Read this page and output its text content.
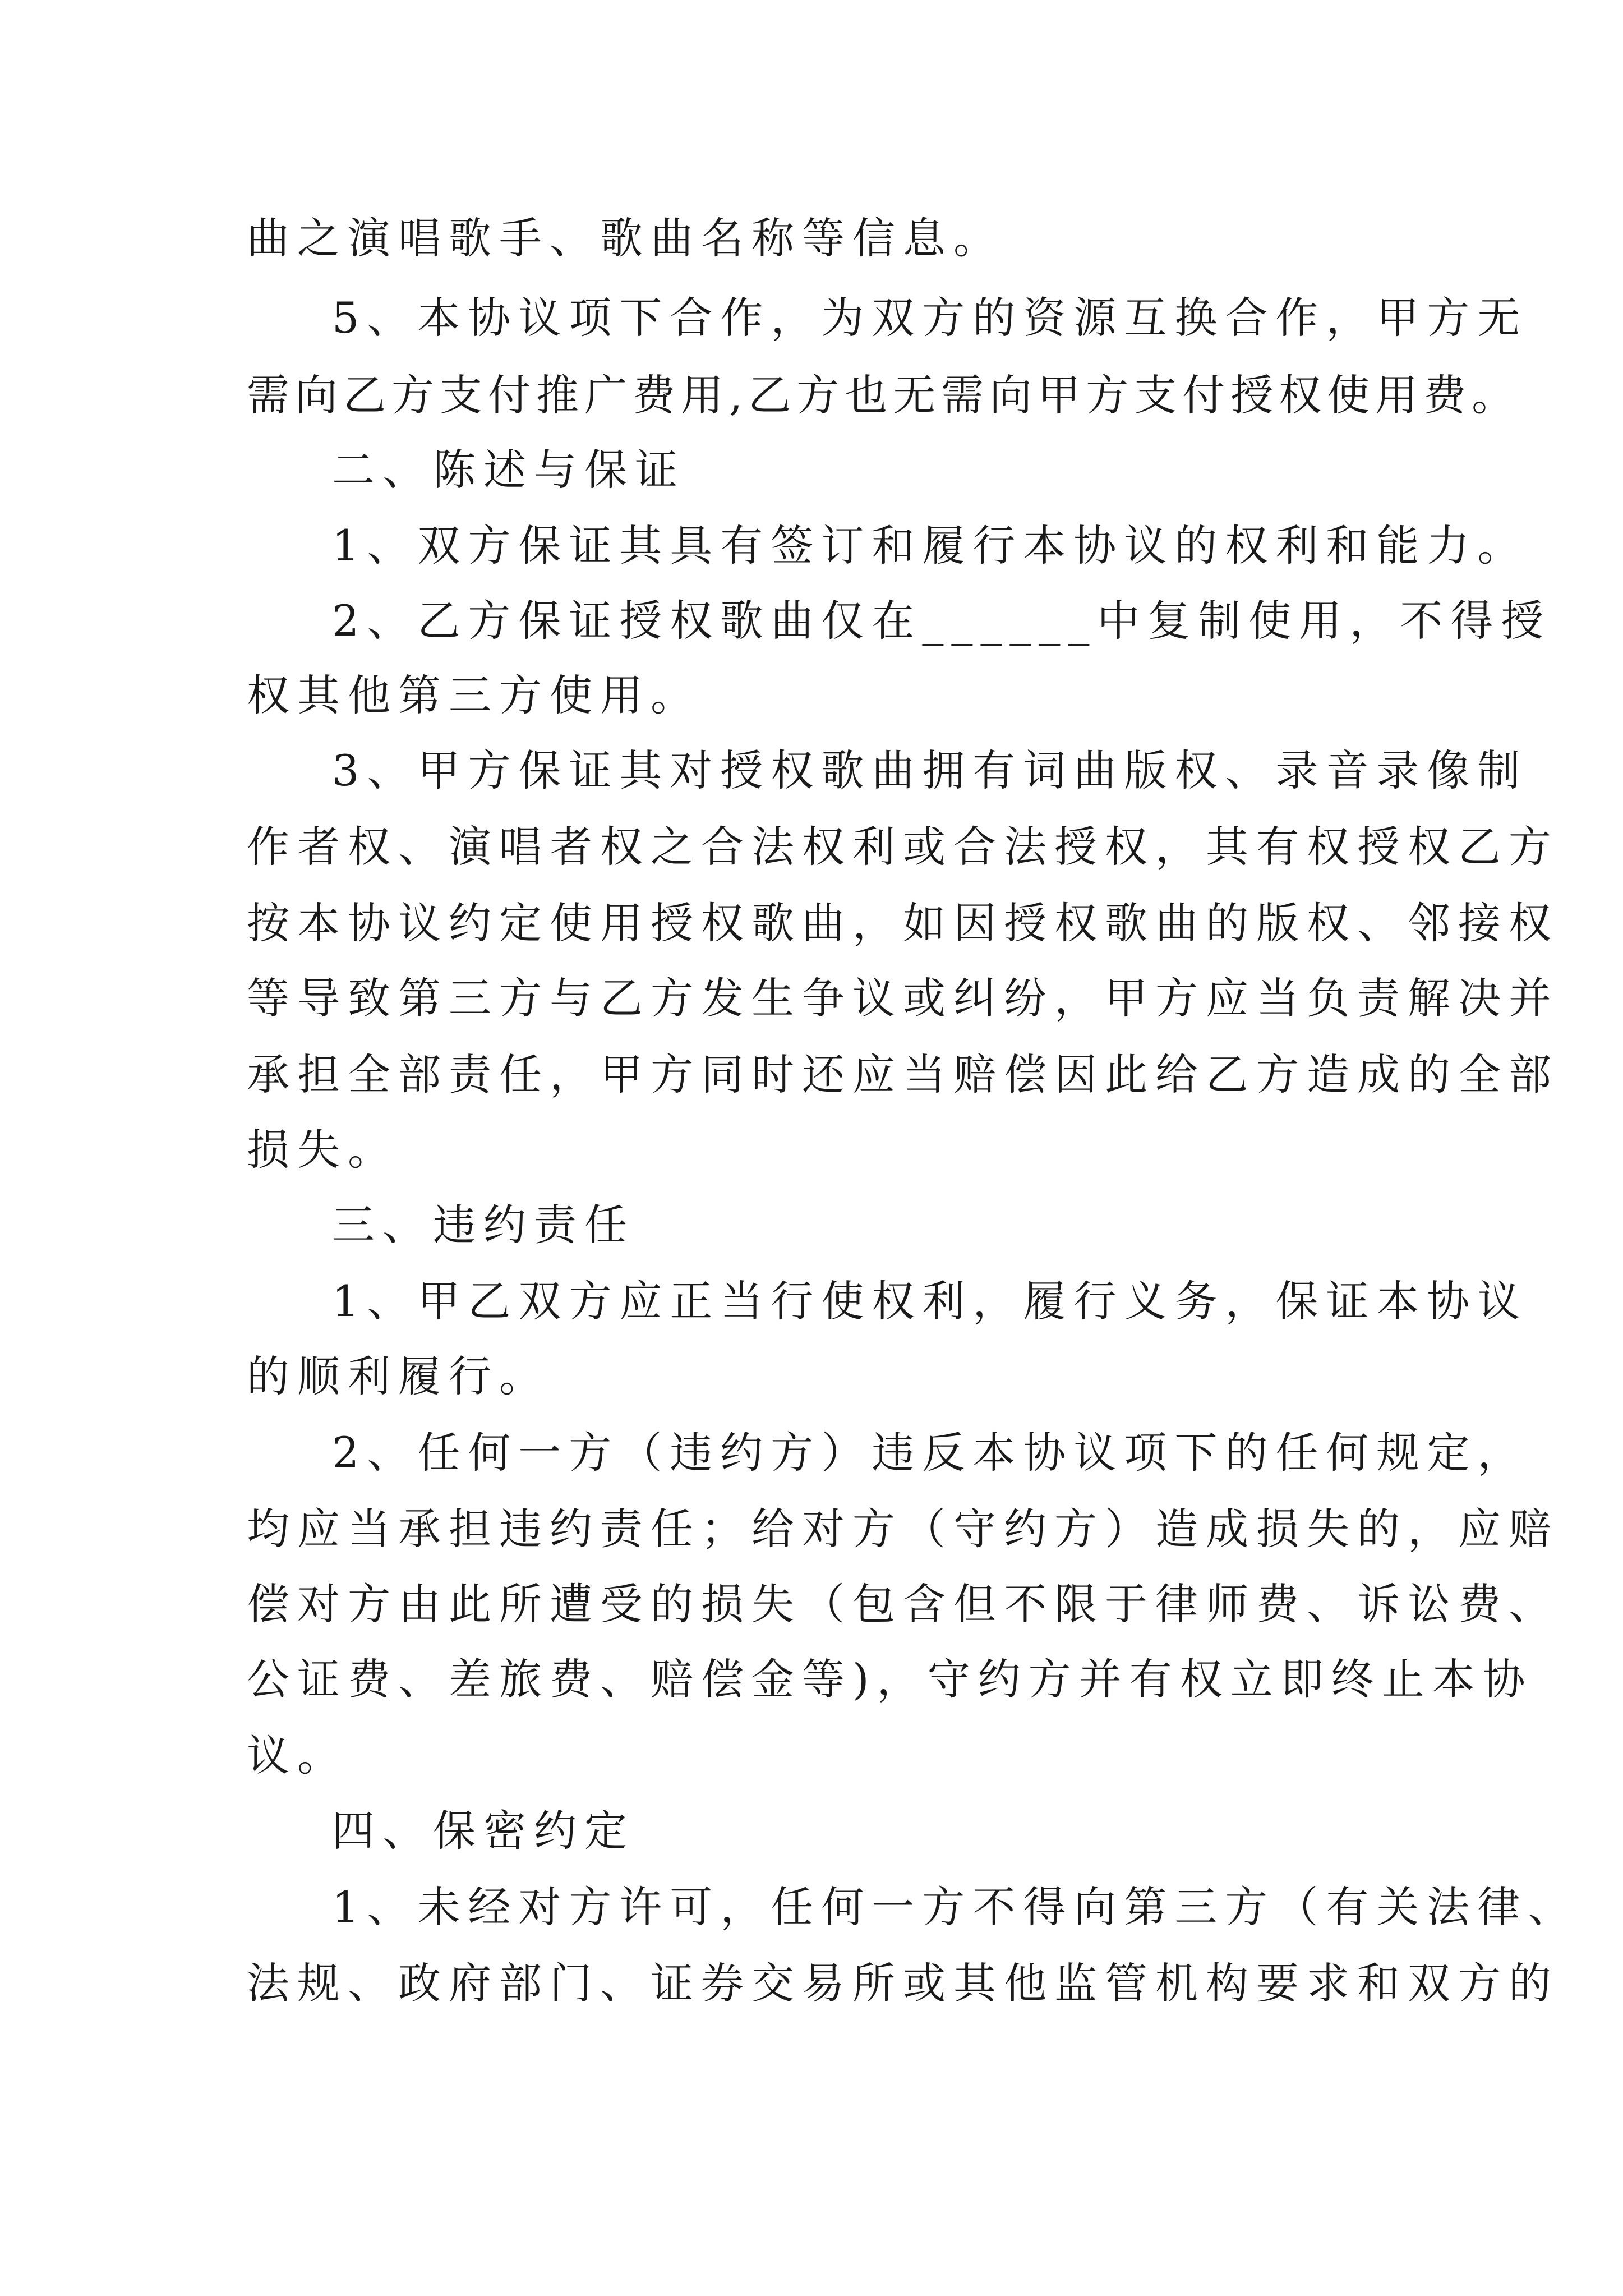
曲之演唱歌手、歌曲名称等信息。
5、本协议项下合作，为双方的资源互换合作，甲方无
需向乙方支付推广费用,乙方也无需向甲方支付授权使用费。
二、陈述与保证
1、双方保证其具有签订和履行本协议的权利和能力。
2、乙方保证授权歌曲仅在______中复制使用，不得授
权其他第三方使用。
3、甲方保证其对授权歌曲拥有词曲版权、录音录像制
作者权、演唱者权之合法权利或合法授权，其有权授权乙方
按本协议约定使用授权歌曲，如因授权歌曲的版权、邻接权
等导致第三方与乙方发生争议或纠纷，甲方应当负责解决并
承担全部责任，甲方同时还应当赔偿因此给乙方造成的全部
损失。
三、违约责任
1、甲乙双方应正当行使权利，履行义务，保证本协议
的顺利履行。
2、任何一方（违约方）违反本协议项下的任何规定，
均应当承担违约责任；给对方（守约方）造成损失的，应赔
偿对方由此所遭受的损失（包含但不限于律师费、诉讼费、
公证费、差旅费、赔偿金等)，守约方并有权立即终止本协
议。
四、保密约定
1、未经对方许可，任何一方不得向第三方（有关法律、
法规、政府部门、证券交易所或其他监管机构要求和双方的
